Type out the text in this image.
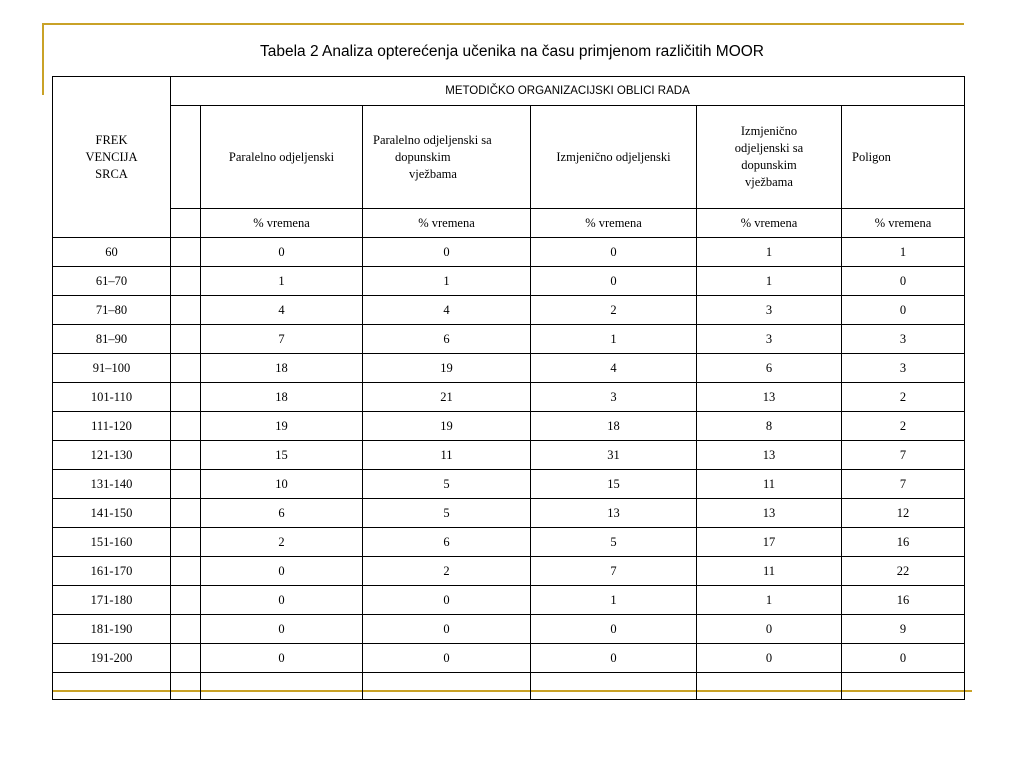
Tabela 2 Analiza opterećenja učenika na času primjenom različitih MOOR
FREK
VENCIJA
SRCA	METODIČKO ORGANIZACIJSKI OBLICI RADA					
		Paralelno odjeljenski	Paralelno odjeljenski sa
dopunskim
vježbama	Izmjenično odjeljenski	Izmjenično
odjeljenski sa
dopunskim
vježbama	Poligon
		% vremena	% vremena	% vremena	% vremena	% vremena
60		0	0	0	1	1
61–70		1	1	0	1	0
71–80		4	4	2	3	0
81–90		7	6	1	3	3
91–100		18	19	4	6	3
101-110		18	21	3	13	2
111-120		19	19	18	8	2
121-130		15	11	31	13	7
131-140		10	5	15	11	7
141-150		6	5	13	13	12
151-160		2	6	5	17	16
161-170		0	2	7	11	22
171-180		0	0	1	1	16
181-190		0	0	0	0	9
191-200		0	0	0	0	0
